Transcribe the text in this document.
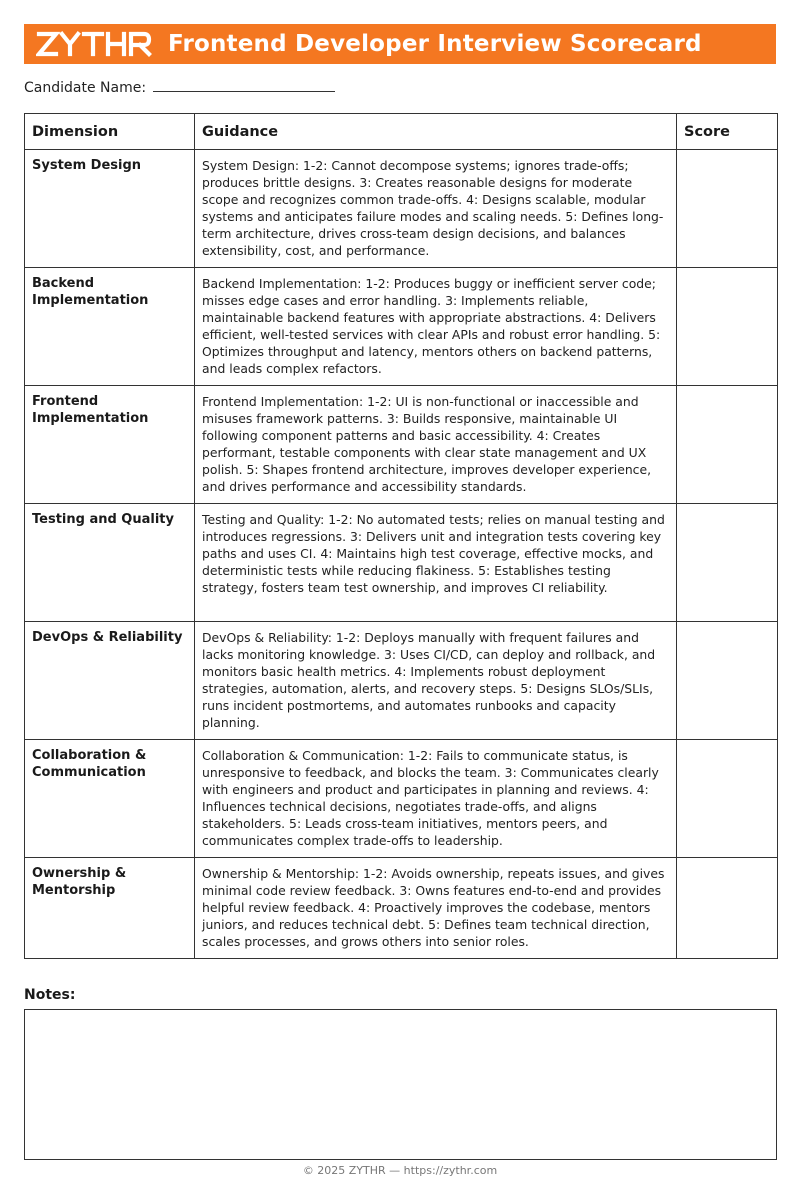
Frontend Developer Interview Scorecard
Candidate Name:
Dimension	Guidance	Score
System Design	System Design: 1-2: Cannot decompose systems; ignores trade-offs; produces brittle designs. 3: Creates reasonable designs for moderate scope and recognizes common trade-offs. 4: Designs scalable, modular systems and anticipates failure modes and scaling needs. 5: Defines long-term architecture, drives cross-team design decisions, and balances extensibility, cost, and performance.	
Backend Implementation	Backend Implementation: 1-2: Produces buggy or inefficient server code; misses edge cases and error handling. 3: Implements reliable, maintainable backend features with appropriate abstractions. 4: Delivers efficient, well-tested services with clear APIs and robust error handling. 5: Optimizes throughput and latency, mentors others on backend patterns, and leads complex refactors.	
Frontend Implementation	Frontend Implementation: 1-2: UI is non-functional or inaccessible and misuses framework patterns. 3: Builds responsive, maintainable UI following component patterns and basic accessibility. 4: Creates performant, testable components with clear state management and UX polish. 5: Shapes frontend architecture, improves developer experience, and drives performance and accessibility standards.	
Testing and Quality	Testing and Quality: 1-2: No automated tests; relies on manual testing and introduces regressions. 3: Delivers unit and integration tests covering key paths and uses CI. 4: Maintains high test coverage, effective mocks, and deterministic tests while reducing flakiness. 5: Establishes testing strategy, fosters team test ownership, and improves CI reliability.	
DevOps & Reliability	DevOps & Reliability: 1-2: Deploys manually with frequent failures and lacks monitoring knowledge. 3: Uses CI/CD, can deploy and rollback, and monitors basic health metrics. 4: Implements robust deployment strategies, automation, alerts, and recovery steps. 5: Designs SLOs/SLIs, runs incident postmortems, and automates runbooks and capacity planning.	
Collaboration & Communication	Collaboration & Communication: 1-2: Fails to communicate status, is unresponsive to feedback, and blocks the team. 3: Communicates clearly with engineers and product and participates in planning and reviews. 4: Influences technical decisions, negotiates trade-offs, and aligns stakeholders. 5: Leads cross-team initiatives, mentors peers, and communicates complex trade-offs to leadership.	
Ownership & Mentorship	Ownership & Mentorship: 1-2: Avoids ownership, repeats issues, and gives minimal code review feedback. 3: Owns features end-to-end and provides helpful review feedback. 4: Proactively improves the codebase, mentors juniors, and reduces technical debt. 5: Defines team technical direction, scales processes, and grows others into senior roles.	
Notes:
© 2025 ZYTHR — https://zythr.com
